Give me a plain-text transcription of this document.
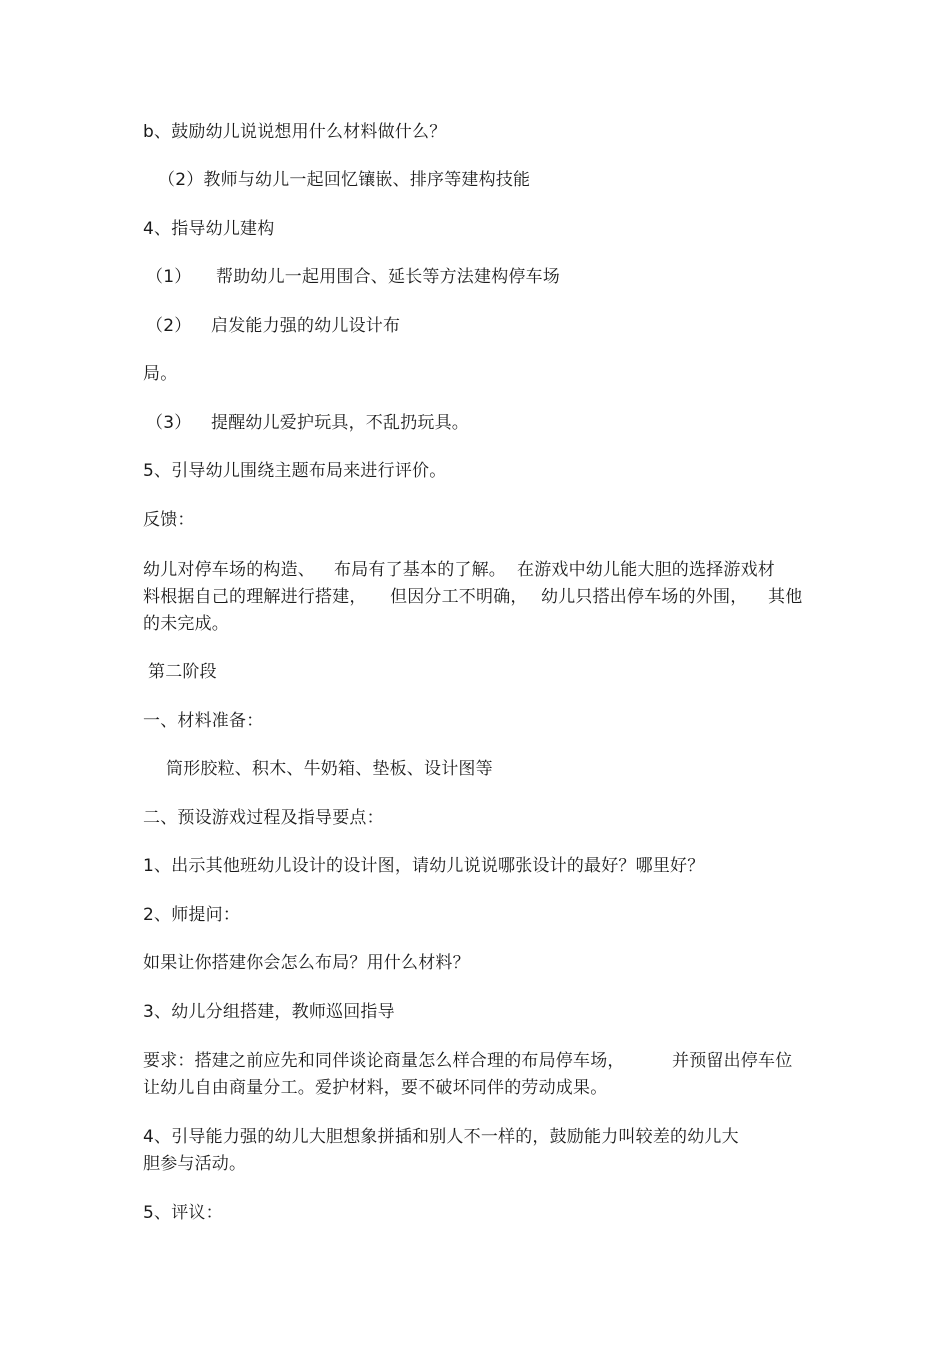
b、鼓励幼儿说说想用什么材料做什么？
（2）教师与幼儿一起回忆镶嵌、排序等建构技能
4、指导幼儿建构
（1） 帮助幼儿一起用围合、延长等方法建构停车场
（2） 启发能力强的幼儿设计布
局。
（3） 提醒幼儿爱护玩具，不乱扔玩具。
5、引导幼儿围绕主题布局来进行评价。
反馈：
幼儿对停车场的构造、 布局有了基本的了解。 在游戏中幼儿能大胆的选择游戏材
料根据自己的理解进行搭建， 但因分工不明确， 幼儿只搭出停车场的外围， 其他
的未完成。
第二阶段
一、材料准备：
筒形胶粒、积木、牛奶箱、垫板、设计图等
二、预设游戏过程及指导要点：
1、出示其他班幼儿设计的设计图，请幼儿说说哪张设计的最好？哪里好？
2、师提问：
如果让你搭建你会怎么布局？用什么材料？
3、幼儿分组搭建，教师巡回指导
要求：搭建之前应先和同伴谈论商量怎么样合理的布局停车场，	并预留出停车位
让幼儿自由商量分工。爱护材料，要不破坏同伴的劳动成果。
4、引导能力强的幼儿大胆想象拼插和别人不一样的，鼓励能力叫较差的幼儿大
胆参与活动。
5、评议：
